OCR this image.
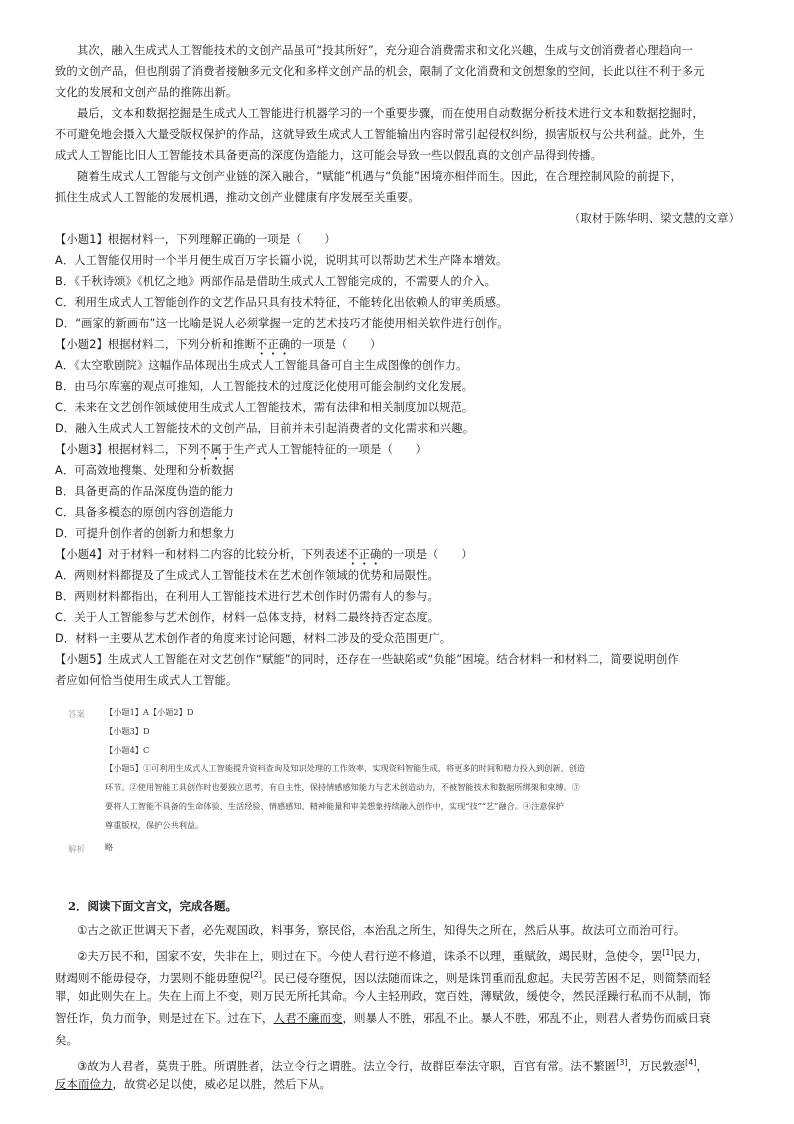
其次，融入生成式人工智能技术的文创产品虽可“投其所好”，充分迎合消费需求和文化兴趣，生成与文创消费者心理趋向一
致的文创产品，但也削弱了消费者接触多元文化和多样文创产品的机会，限制了文化消费和文创想象的空间，长此以往不利于多元
文化的发展和文创产品的推陈出新。
最后，文本和数据挖掘是生成式人工智能进行机器学习的一个重要步骤，而在使用自动数据分析技术进行文本和数据挖掘时，
不可避免地会摄入大量受版权保护的作品，这就导致生成式人工智能输出内容时常引起侵权纠纷，损害版权与公共利益。此外，生
成式人工智能比旧人工智能技术具备更高的深度伪造能力，这可能会导致一些以假乱真的文创产品得到传播。
随着生成式人工智能与文创产业链的深入融合，“赋能”机遇与“负能”困境亦相伴而生。因此，在合理控制风险的前提下，
抓住生成式人工智能的发展机遇，推动文创产业健康有序发展至关重要。
（取材于陈华明、梁文慧的文章）
【小题1】根据材料一，下列理解正确的一项是（　　）
A．人工智能仅用时一个半月便生成百万字长篇小说，说明其可以帮助艺术生产降本增效。
B．《千秋诗颂》《机忆之地》两部作品是借助生成式人工智能完成的，不需要人的介入。
C．利用生成式人工智能创作的文艺作品只具有技术特征，不能转化出依赖人的审美质感。
D．“画家的新画布”这一比喻是说人必须掌握一定的艺术技巧才能使用相关软件进行创作。
【小题2】根据材料二，下列分析和推断不正确的一项是（　　）
A．《太空歌剧院》这幅作品体现出生成式人工智能具备可自主生成图像的创作力。
B．由马尔库塞的观点可推知，人工智能技术的过度泛化使用可能会制约文化发展。
C．未来在文艺创作领域使用生成式人工智能技术，需有法律和相关制度加以规范。
D．融入生成式人工智能技术的文创产品，目前并未引起消费者的文化需求和兴趣。
【小题3】根据材料二，下列不属于生产式人工智能特征的一项是（　　）
A．可高效地搜集、处理和分析数据
B．具备更高的作品深度伪造的能力
C．具备多模态的原创内容创造能力
D．可提升创作者的创新力和想象力
【小题4】对于材料一和材料二内容的比较分析，下列表述不正确的一项是（　　）
A．两则材料都提及了生成式人工智能技术在艺术创作领域的优势和局限性。
B．两则材料都指出，在利用人工智能技术进行艺术创作时仍需有人的参与。
C．关于人工智能参与艺术创作，材料一总体支持，材料二最终持否定态度。
D．材料一主要从艺术创作者的角度来讨论问题，材料二涉及的受众范围更广。
【小题5】生成式人工智能在对文艺创作“赋能”的同时，还存在一些缺陷或“负能”困境。结合材料一和材料二，简要说明创作
者应如何恰当使用生成式人工智能。
答案 【小题1】A【小题2】D
【小题3】D
【小题4】C
【小题5】①可利用生成式人工智能提升资料查询及知识处理的工作效率，实现资料智能生成，将更多的时间和精力投入到创新、创造
环节。②使用智能工具创作时也要独立思考，有自主性，保持情感感知能力与艺术创造动力，不被智能技术和数据所绑架和束缚。③
要将人工智能不具备的生命体验、生活经验、情感感知、精神能量和审美想象持续融入创作中，实现“技”“艺”融合。④注意保护
尊重版权，保护公共利益。
解析 略
2．阅读下面文言文，完成各题。
①古之欲正世调天下者，必先观国政，料事务，察民俗，本治乱之所生，知得失之所在，然后从事。故法可立而治可行。
②夫万民不和，国家不安，失非在上，则过在下。今使人君行逆不修道，诛杀不以理，重赋敛，竭民财，急使令，罢[1]民力，
财竭则不能毋侵夺，力罢则不能毋堕倪[2]。民已侵夺堕倪，因以法随而诛之，则是诛罚重而乱愈起。夫民劳苦困不足，则简禁而轻
罪，如此则失在上。失在上而上不变，则万民无所托其命。今人主轻刑政，宽百姓，薄赋敛，缓使令，然民淫躁行私而不从制，饰
智任诈，负力而争，则是过在下。过在下，人君不廉而变，则暴人不胜，邪乱不止。暴人不胜，邪乱不止，则君人者势伤而威日衰
矣。
③故为人君者，莫贵于胜。所谓胜者，法立令行之谓胜。法立令行，故群臣奉法守职，百官有常。法不繁匿[3]，万民敦悫[4]，
反本而俭力，故赏必足以使，威必足以胜，然后下从。
